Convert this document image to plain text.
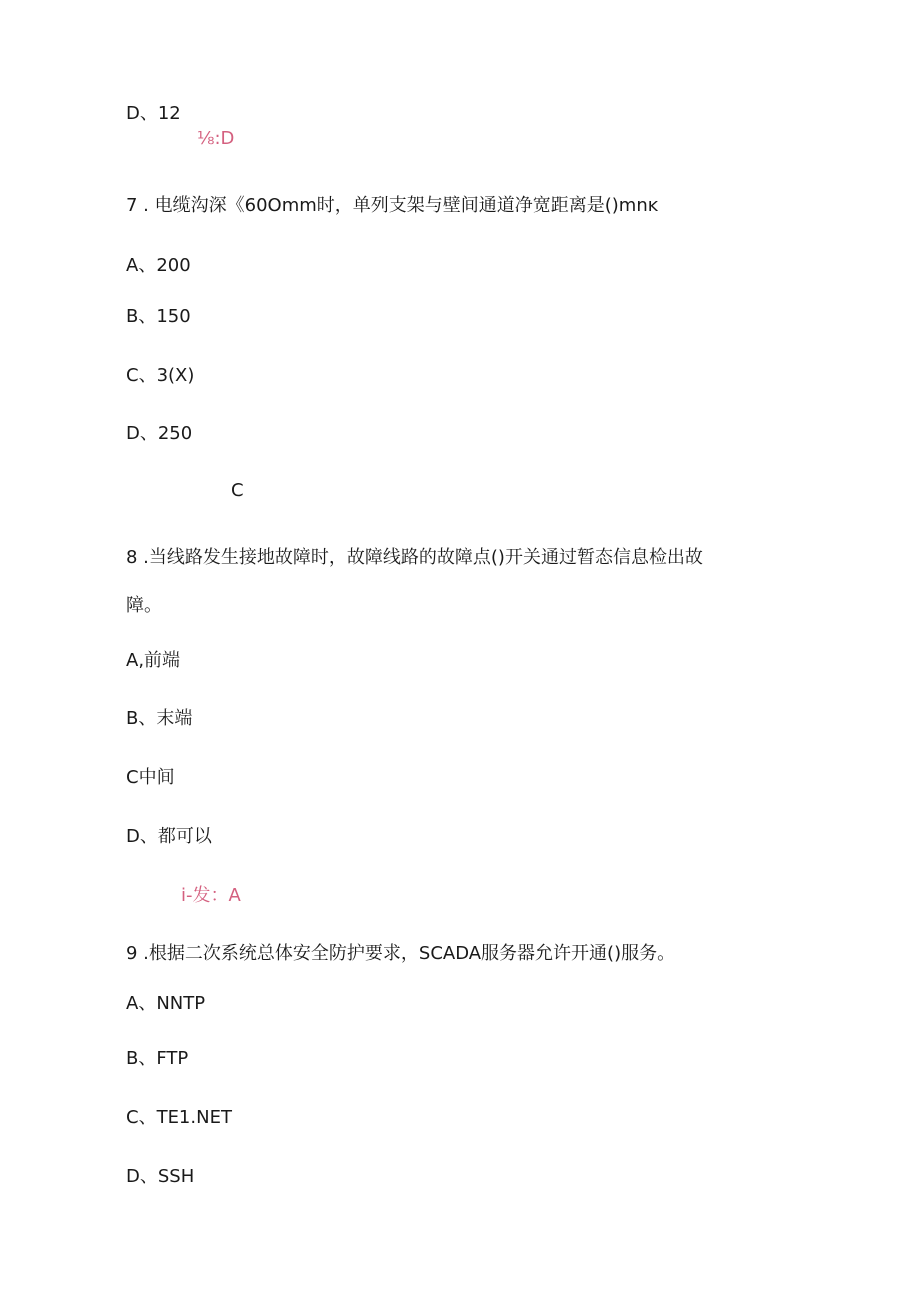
D、12
⅛:D
7 . 电缆沟深《60Omm时，单列支架与壁间通道净宽距离是()mnĸ
A、200
B、150
C、3(X)
D、250
C
8 .当线路发生接地故障时，故障线路的故障点()开关通过暂态信息检出故
障。
A,前端
B、末端
C中间
D、都可以
i-发：A
9 .根据二次系统总体安全防护要求，SCADA服务器允许开通()服务。
A、NNTP
B、FTP
C、TE1.NET
D、SSH
